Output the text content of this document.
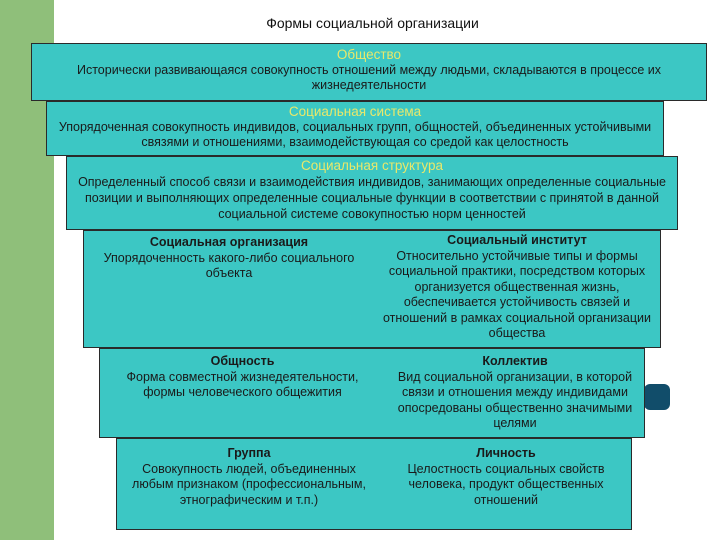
Формы социальной организации
Общество
Исторически развивающаяся совокупность отношений между людьми, складываются в процессе их жизнедеятельности
Социальная система
Упорядоченная совокупность индивидов, социальных групп, общностей, объединенных устойчивыми связями и отношениями, взаимодействующая со средой как целостность
Социальная структура
Определенный способ связи и взаимодействия индивидов, занимающих определенные социальные позиции и выполняющих определенные социальные функции в соответствии с принятой в данной социальной системе совокупностью норм ценностей
Социальная организация
Упорядоченность какого-либо социального объекта
Социальный институт
Относительно устойчивые типы и формы социальной практики, посредством которых организуется общественная жизнь, обеспечивается устойчивость связей и отношений в рамках социальной организации общества
Общность
Форма совместной жизнедеятельности, формы человеческого общежития
Коллектив
Вид социальной организации, в которой связи и отношения между индивидами опосредованы общественно значимыми целями
Группа
Совокупность людей, объединенных любым признаком (профессиональным, этнографическим и т.п.)
Личность
Целостность социальных свойств человека, продукт общественных отношений
